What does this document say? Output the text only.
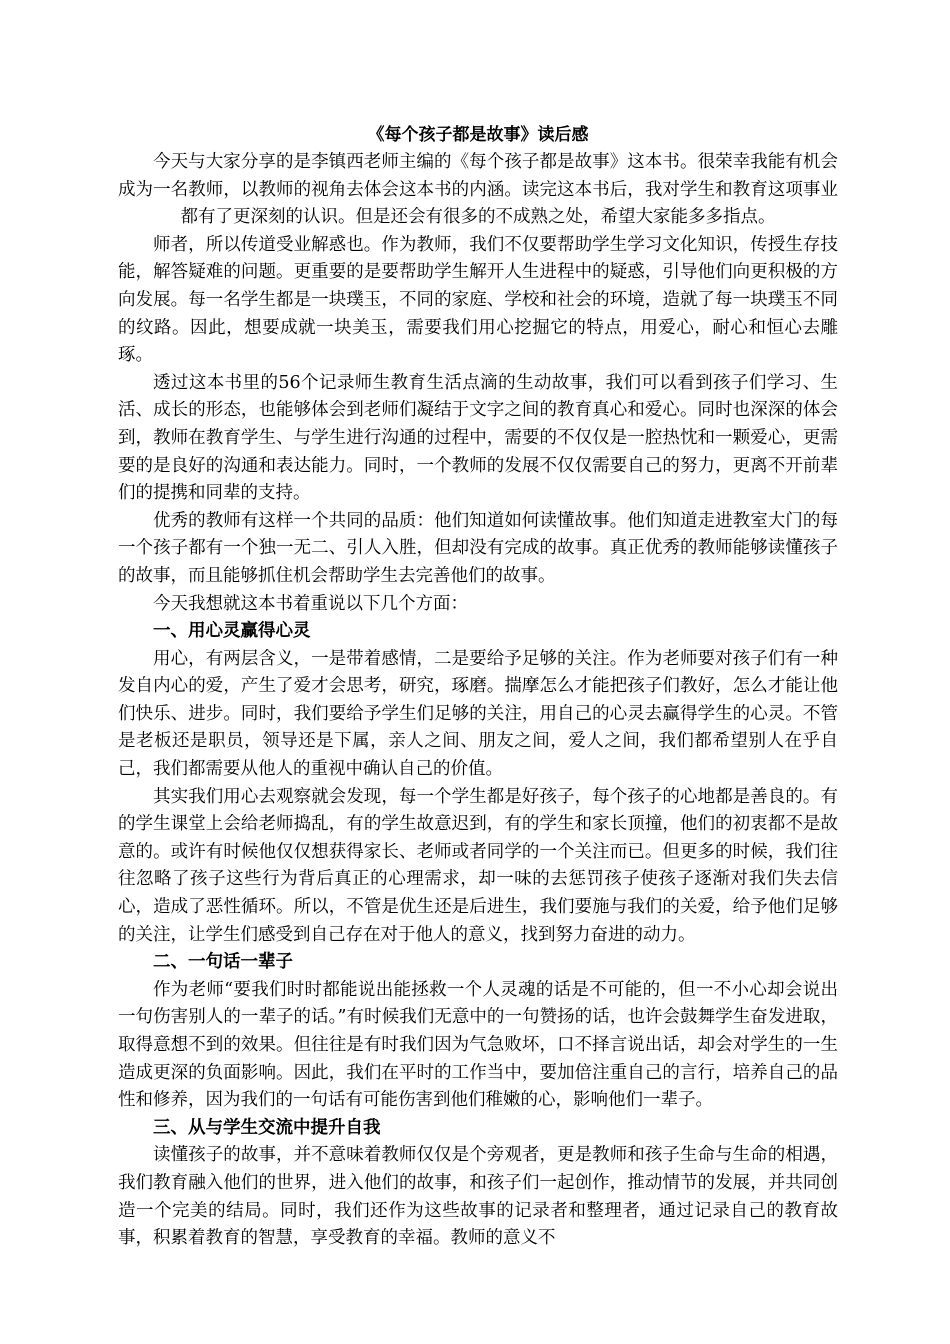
《每个孩子都是故事》读后感

今天与大家分享的是李镇西老师主编的《每个孩子都是故事》这本书。很荣幸我能有机会成为一名教师，以教师的视角去体会这本书的内涵。读完这本书后，我对学生和教育这项事业都有了更深刻的认识。但是还会有很多的不成熟之处，希望大家能多多指点。

师者，所以传道受业解惑也。作为教师，我们不仅要帮助学生学习文化知识，传授生存技能，解答疑难的问题。更重要的是要帮助学生解开人生进程中的疑惑，引导他们向更积极的方向发展。每一名学生都是一块璞玉，不同的家庭、学校和社会的环境，造就了每一块璞玉不同的纹路。因此，想要成就一块美玉，需要我们用心挖掘它的特点，用爱心，耐心和恒心去雕琢。

透过这本书里的56个记录师生教育生活点滴的生动故事，我们可以看到孩子们学习、生活、成长的形态，也能够体会到老师们凝结于文字之间的教育真心和爱心。同时也深深的体会到，教师在教育学生、与学生进行沟通的过程中，需要的不仅仅是一腔热忱和一颗爱心，更需要的是良好的沟通和表达能力。同时，一个教师的发展不仅仅需要自己的努力，更离不开前辈们的提携和同辈的支持。

优秀的教师有这样一个共同的品质：他们知道如何读懂故事。他们知道走进教室大门的每一个孩子都有一个独一无二、引人入胜，但却没有完成的故事。真正优秀的教师能够读懂孩子的故事，而且能够抓住机会帮助学生去完善他们的故事。

今天我想就这本书着重说以下几个方面：

一、用心灵赢得心灵

用心，有两层含义，一是带着感情，二是要给予足够的关注。作为老师要对孩子们有一种发自内心的爱，产生了爱才会思考，研究，琢磨。揣摩怎么才能把孩子们教好，怎么才能让他们快乐、进步。同时，我们要给予学生们足够的关注，用自己的心灵去赢得学生的心灵。不管是老板还是职员，领导还是下属，亲人之间、朋友之间，爱人之间，我们都希望别人在乎自己，我们都需要从他人的重视中确认自己的价值。

其实我们用心去观察就会发现，每一个学生都是好孩子，每个孩子的心地都是善良的。有的学生课堂上会给老师捣乱，有的学生故意迟到，有的学生和家长顶撞，他们的初衷都不是故意的。或许有时候他仅仅想获得家长、老师或者同学的一个关注而已。但更多的时候，我们往往忽略了孩子这些行为背后真正的心理需求，却一味的去惩罚孩子使孩子逐渐对我们失去信心，造成了恶性循环。所以，不管是优生还是后进生，我们要施与我们的关爱，给予他们足够的关注，让学生们感受到自己存在对于他人的意义，找到努力奋进的动力。

二、一句话一辈子

作为老师“要我们时时都能说出能拯救一个人灵魂的话是不可能的，但一不小心却会说出一句伤害别人的一辈子的话。”有时候我们无意中的一句赞扬的话，也许会鼓舞学生奋发进取，取得意想不到的效果。但往往是有时我们因为气急败坏，口不择言说出话，却会对学生的一生造成更深的负面影响。因此，我们在平时的工作当中，要加倍注重自己的言行，培养自己的品性和修养，因为我们的一句话有可能伤害到他们稚嫩的心，影响他们一辈子。

三、从与学生交流中提升自我

读懂孩子的故事，并不意味着教师仅仅是个旁观者，更是教师和孩子生命与生命的相遇，我们教育融入他们的世界，进入他们的故事，和孩子们一起创作，推动情节的发展，并共同创造一个完美的结局。同时，我们还作为这些故事的记录者和整理者，通过记录自己的教育故事，积累着教育的智慧，享受教育的幸福。教师的意义不
